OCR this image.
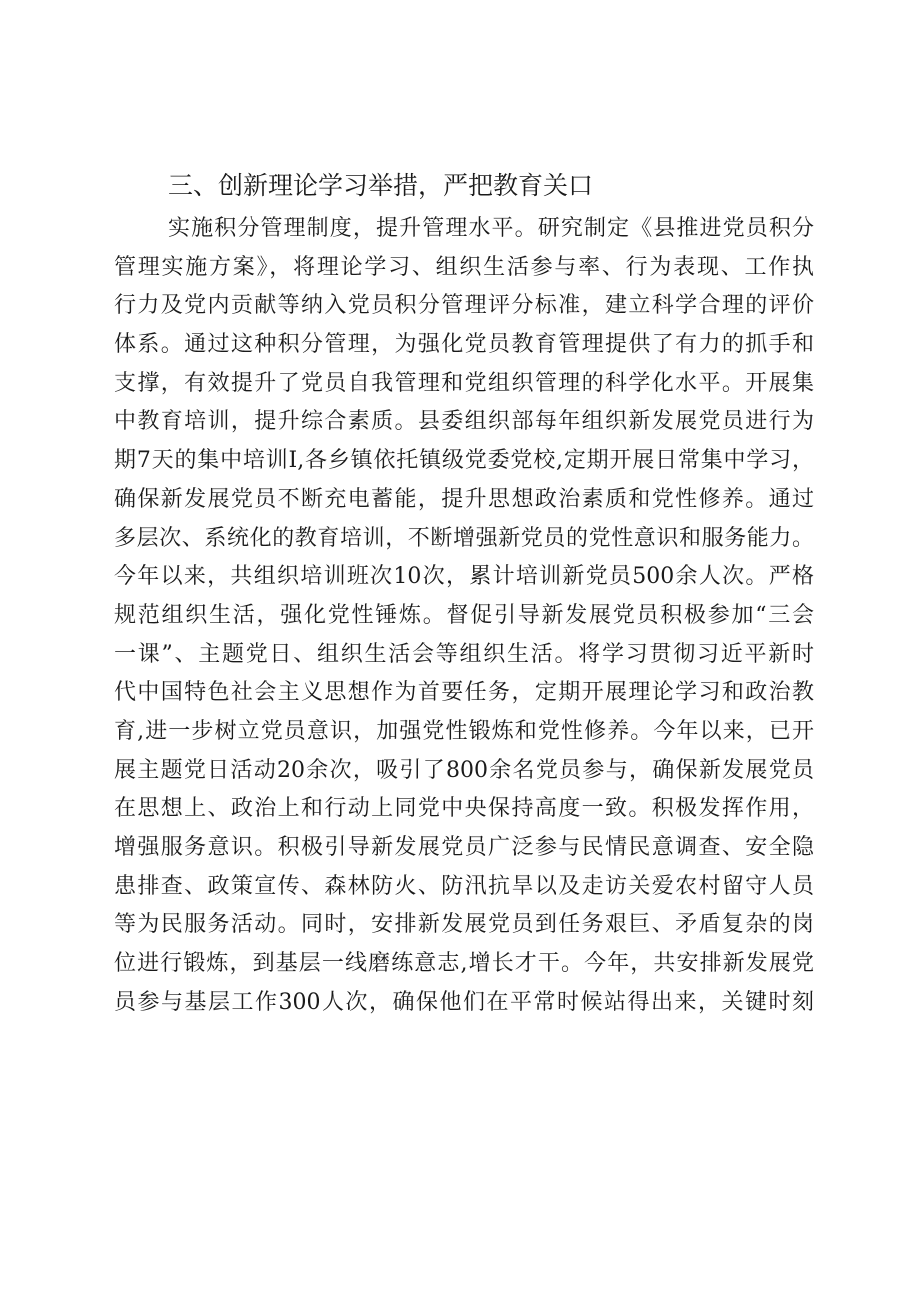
三、创新理论学习举措，严把教育关口
实施积分管理制度，提升管理水平。研究制定《县推进党员积分
管理实施方案》，将理论学习、组织生活参与率、行为表现、工作执
行力及党内贡献等纳入党员积分管理评分标准，建立科学合理的评价
体系。通过这种积分管理，为强化党员教育管理提供了有力的抓手和
支撑，有效提升了党员自我管理和党组织管理的科学化水平。开展集
中教育培训，提升综合素质。县委组织部每年组织新发展党员进行为
期7天的集中培训I,各乡镇依托镇级党委党校,定期开展日常集中学习，
确保新发展党员不断充电蓄能，提升思想政治素质和党性修养。通过
多层次、系统化的教育培训，不断增强新党员的党性意识和服务能力。
今年以来，共组织培训班次10次，累计培训新党员500余人次。严格
规范组织生活，强化党性锤炼。督促引导新发展党员积极参加“三会
一课”、主题党日、组织生活会等组织生活。将学习贯彻习近平新时
代中国特色社会主义思想作为首要任务，定期开展理论学习和政治教
育,进一步树立党员意识，加强党性锻炼和党性修养。今年以来，已开
展主题党日活动20余次，吸引了800余名党员参与，确保新发展党员
在思想上、政治上和行动上同党中央保持高度一致。积极发挥作用，
增强服务意识。积极引导新发展党员广泛参与民情民意调查、安全隐
患排查、政策宣传、森林防火、防汛抗旱以及走访关爱农村留守人员
等为民服务活动。同时，安排新发展党员到任务艰巨、矛盾复杂的岗
位进行锻炼，到基层一线磨练意志,增长才干。今年，共安排新发展党
员参与基层工作300人次，确保他们在平常时候站得出来，关键时刻
